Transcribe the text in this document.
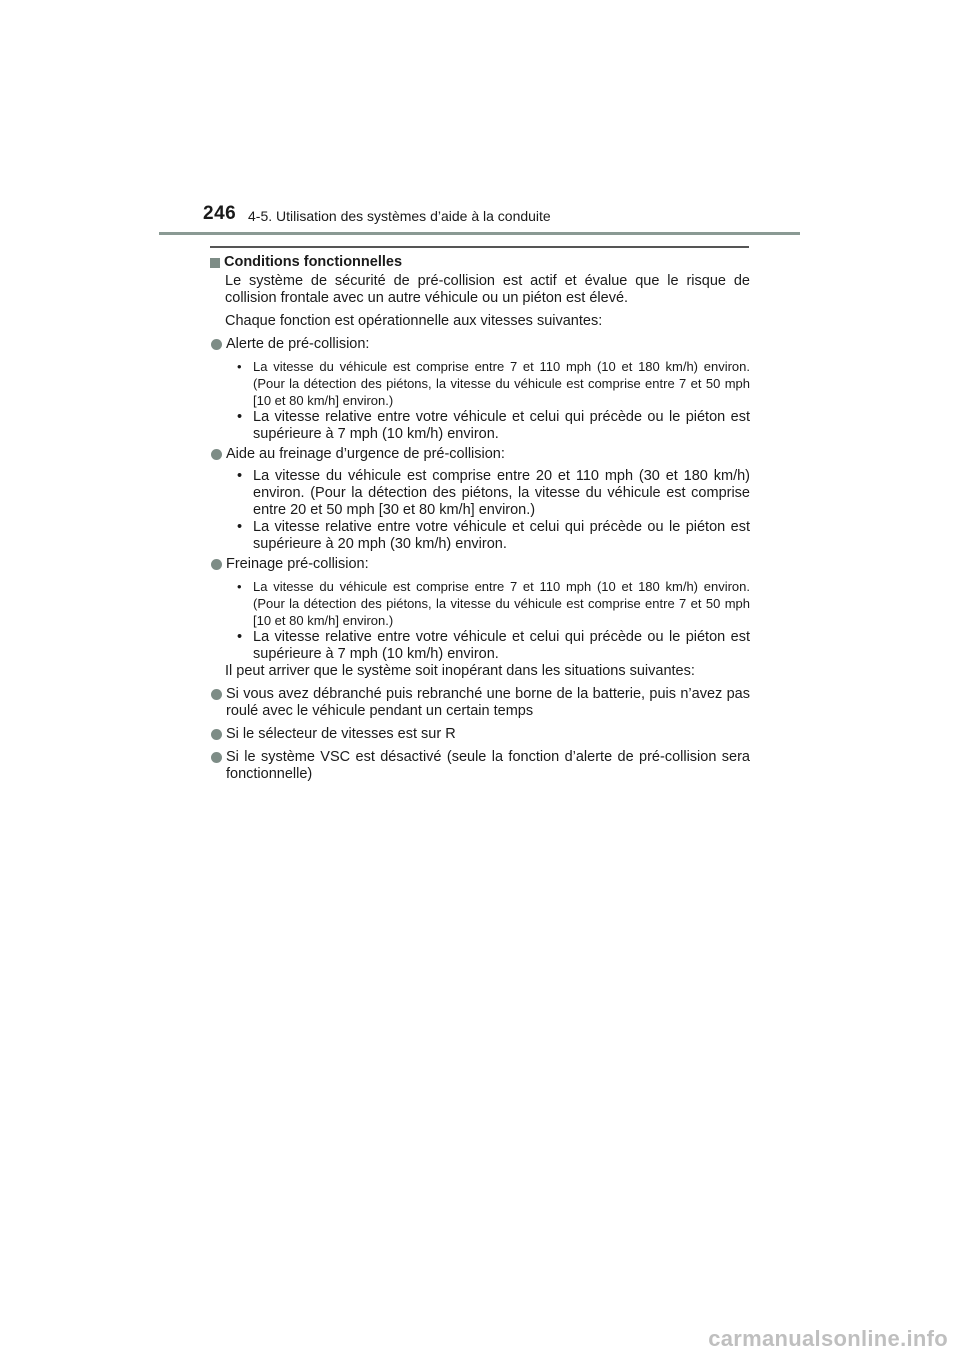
246 4-5. Utilisation des systèmes d’aide à la conduite
Conditions fonctionnelles

Le système de sécurité de pré-collision est actif et évalue que le risque de collision frontale avec un autre véhicule ou un piéton est élevé.

Chaque fonction est opérationnelle aux vitesses suivantes:

Alerte de pré-collision:
• La vitesse du véhicule est comprise entre 7 et 110 mph (10 et 180 km/h) environ. (Pour la détection des piétons, la vitesse du véhicule est comprise entre 7 et 50 mph [10 et 80 km/h] environ.)
• La vitesse relative entre votre véhicule et celui qui précède ou le piéton est supérieure à 7 mph (10 km/h) environ.
Aide au freinage d’urgence de pré-collision:
• La vitesse du véhicule est comprise entre 20 et 110 mph (30 et 180 km/h) environ. (Pour la détection des piétons, la vitesse du véhicule est comprise entre 20 et 50 mph [30 et 80 km/h] environ.)
• La vitesse relative entre votre véhicule et celui qui précède ou le piéton est supérieure à 20 mph (30 km/h) environ.
Freinage pré-collision:
• La vitesse du véhicule est comprise entre 7 et 110 mph (10 et 180 km/h) environ. (Pour la détection des piétons, la vitesse du véhicule est comprise entre 7 et 50 mph [10 et 80 km/h] environ.)
• La vitesse relative entre votre véhicule et celui qui précède ou le piéton est supérieure à 7 mph (10 km/h) environ.

Il peut arriver que le système soit inopérant dans les situations suivantes:

Si vous avez débranché puis rebranché une borne de la batterie, puis n’avez pas roulé avec le véhicule pendant un certain temps
Si le sélecteur de vitesses est sur R
Si le système VSC est désactivé (seule la fonction d’alerte de pré-collision sera fonctionnelle)
carmanualsonline.info
